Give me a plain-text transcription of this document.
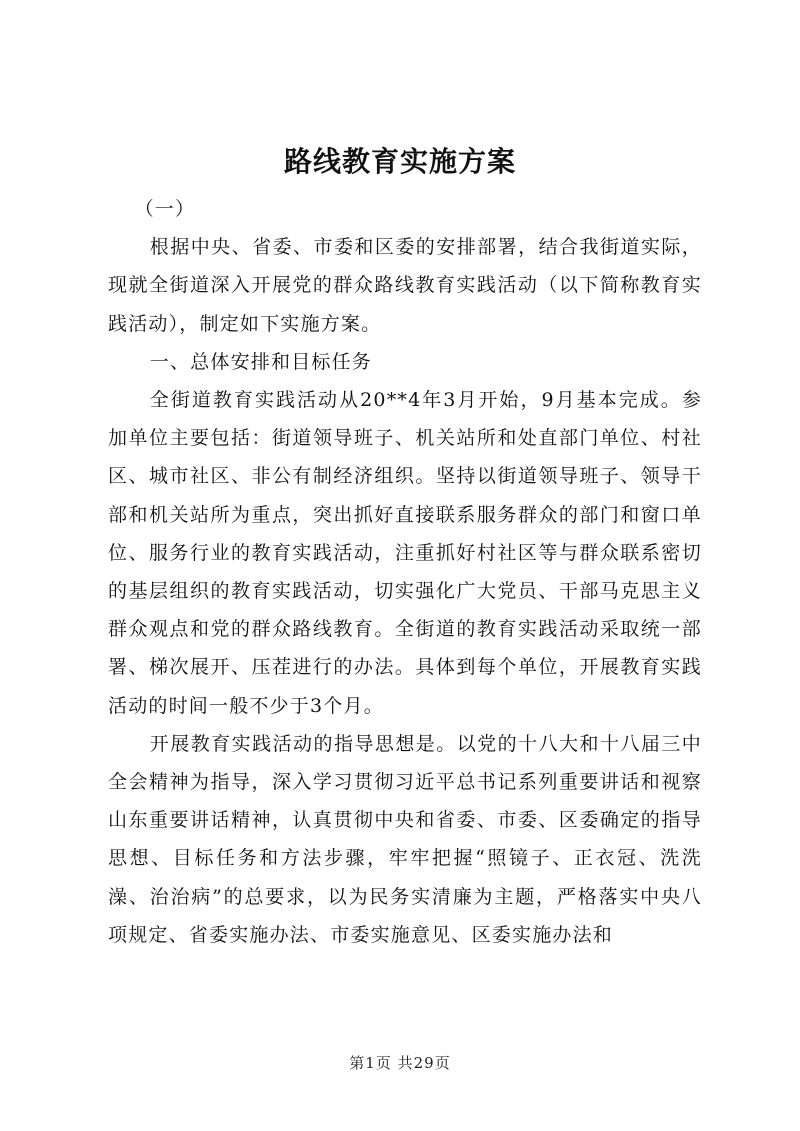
路线教育实施方案

（一）

根据中央、省委、市委和区委的安排部署，结合我街道实际，现就全街道深入开展党的群众路线教育实践活动（以下简称教育实践活动），制定如下实施方案。

一、总体安排和目标任务

全街道教育实践活动从20**4年3月开始，9月基本完成。参加单位主要包括：街道领导班子、机关站所和处直部门单位、村社区、城市社区、非公有制经济组织。坚持以街道领导班子、领导干部和机关站所为重点，突出抓好直接联系服务群众的部门和窗口单位、服务行业的教育实践活动，注重抓好村社区等与群众联系密切的基层组织的教育实践活动，切实强化广大党员、干部马克思主义群众观点和党的群众路线教育。全街道的教育实践活动采取统一部署、梯次展开、压茬进行的办法。具体到每个单位，开展教育实践活动的时间一般不少于3个月。

开展教育实践活动的指导思想是。以党的十八大和十八届三中全会精神为指导，深入学习贯彻习近平总书记系列重要讲话和视察山东重要讲话精神，认真贯彻中央和省委、市委、区委确定的指导思想、目标任务和方法步骤，牢牢把握“照镜子、正衣冠、洗洗澡、治治病”的总要求，以为民务实清廉为主题，严格落实中央八项规定、省委实施办法、市委实施意见、区委实施办法和

第1页 共29页
